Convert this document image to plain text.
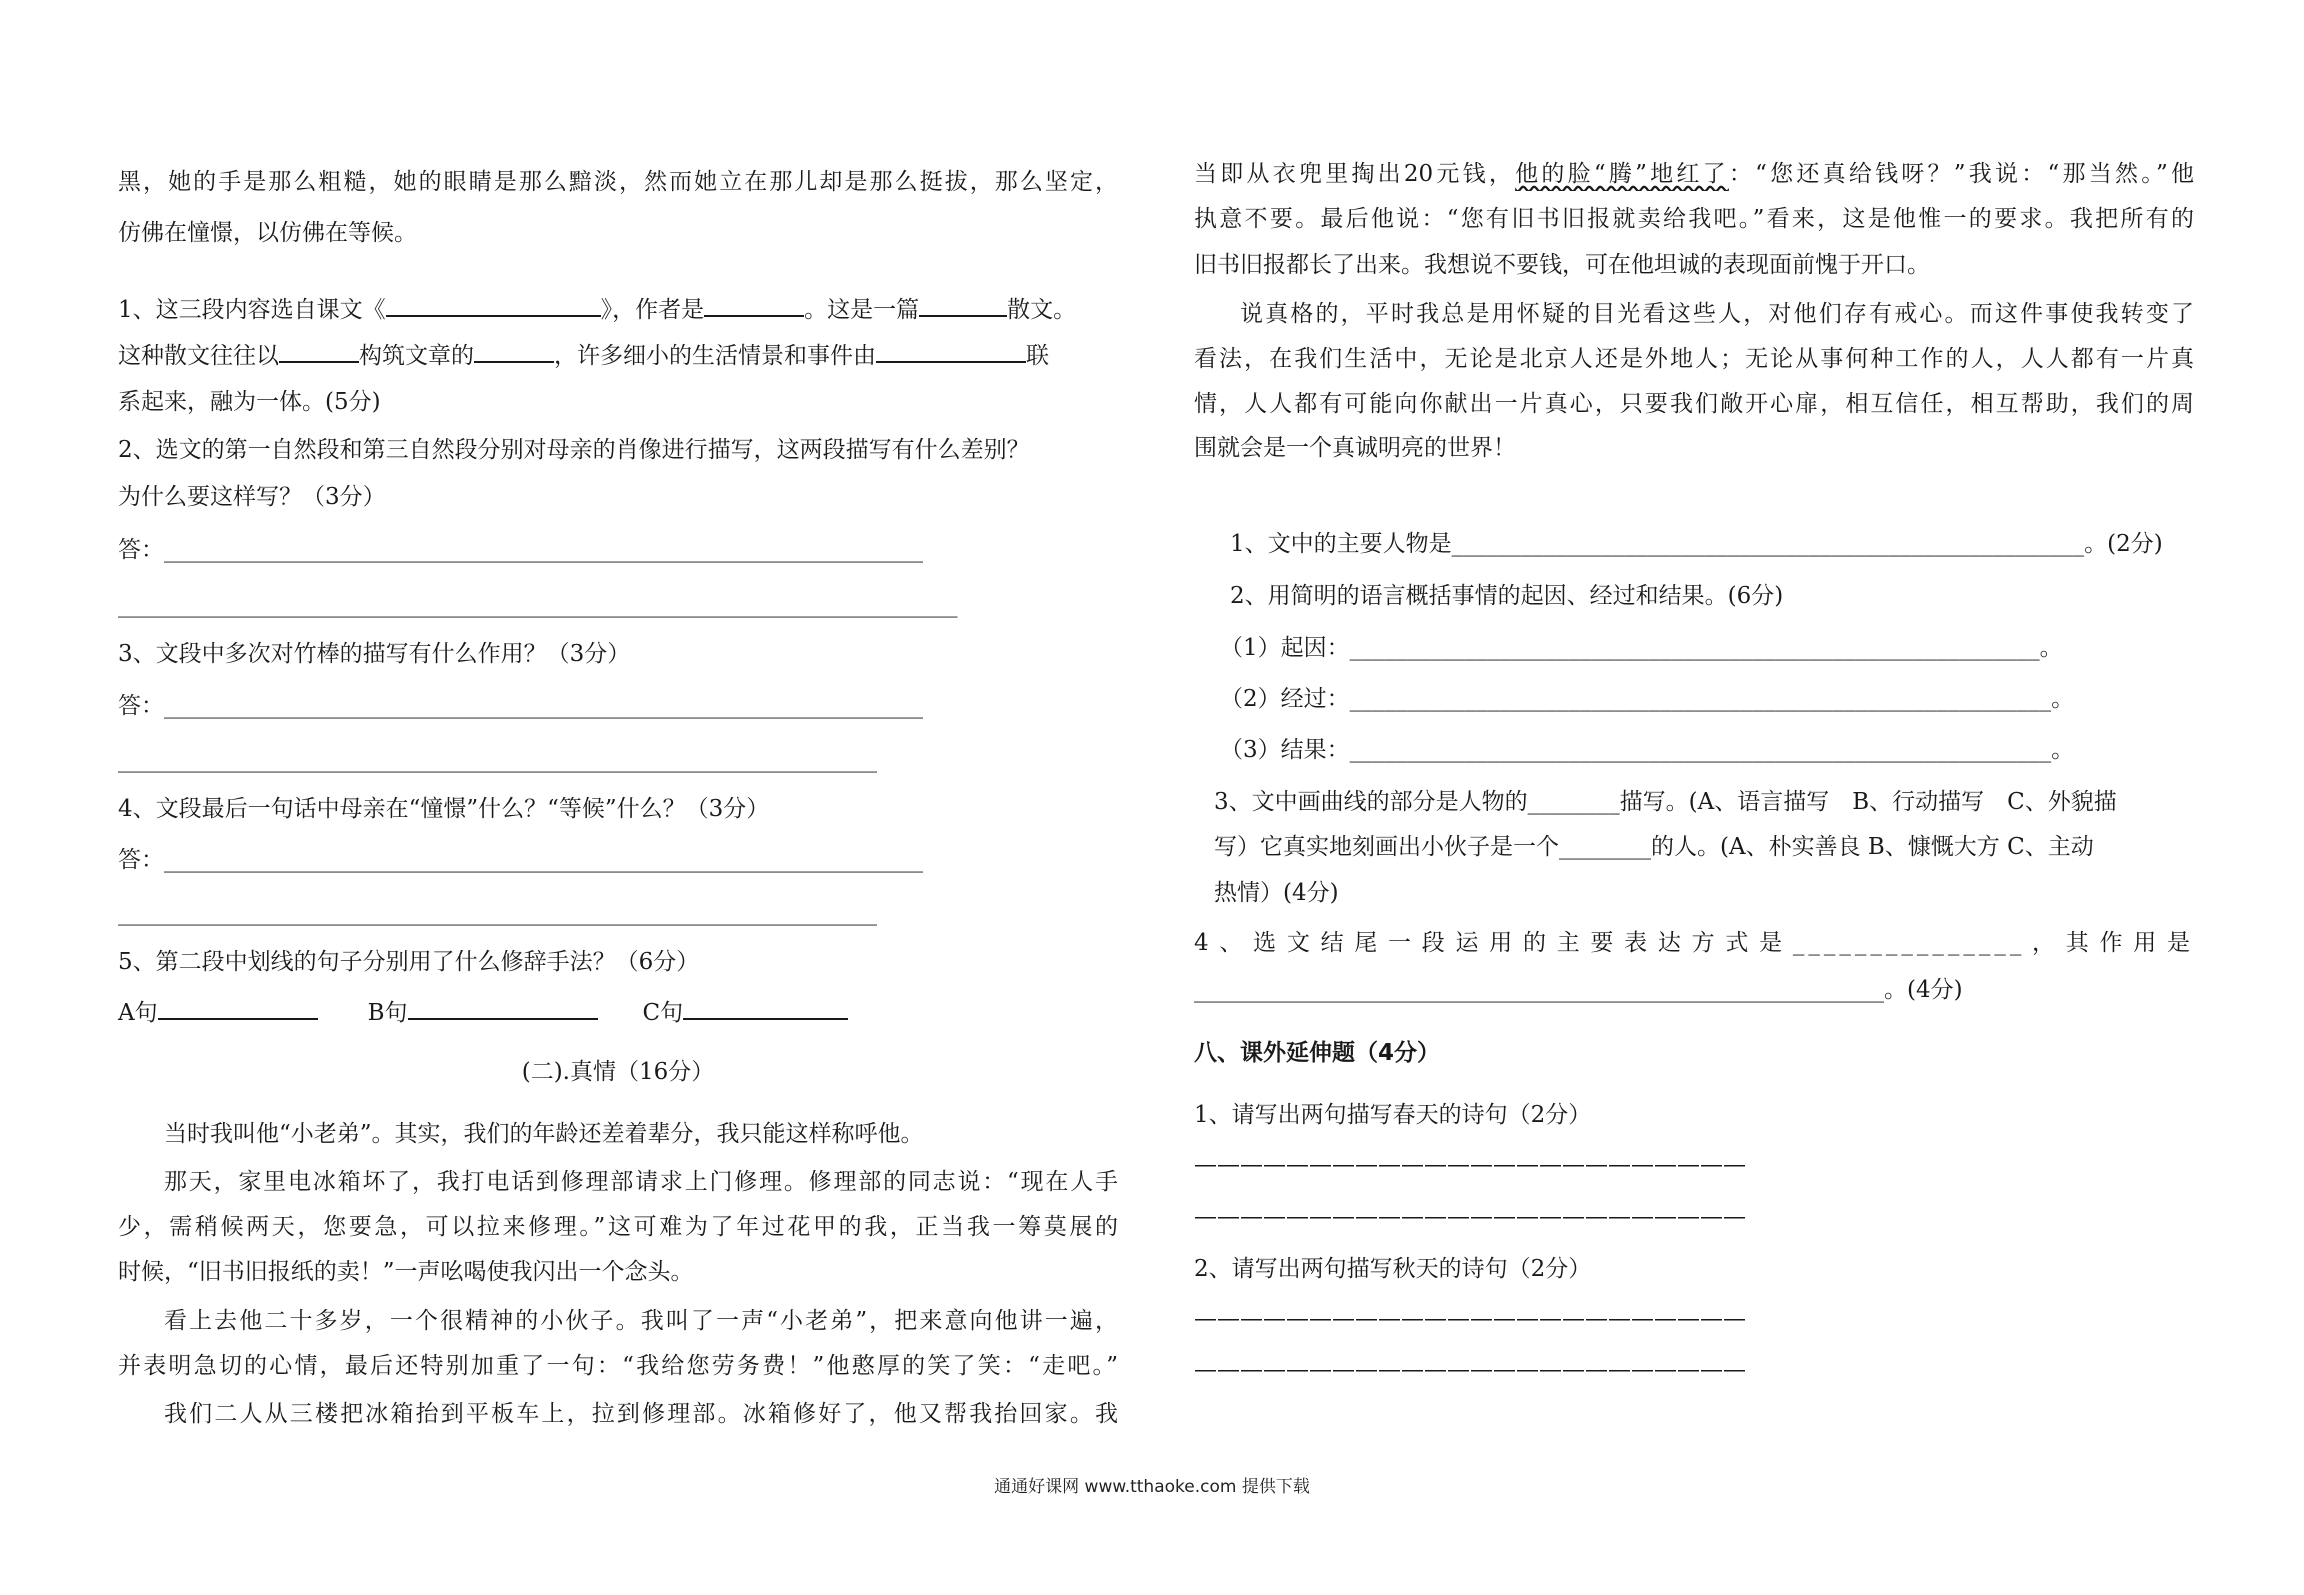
黑，她的手是那么粗糙，她的眼睛是那么黯淡，然而她立在那儿却是那么挺拔，那么坚定，
仿佛在憧憬，以仿佛在等候。
1、这三段内容选自课文《	》，作者是	。这是一篇	散文。
这种散文往往以	构筑文章的	，许多细小的生活情景和事件由	联
系起来，融为一体。(5分)
2、选文的第一自然段和第三自然段分别对母亲的肖像进行描写，这两段描写有什么差别？
为什么要这样写？（3分）
答：__________________________________________________________________
_________________________________________________________________________
3、文段中多次对竹棒的描写有什么作用？（3分）
答：__________________________________________________________________
__________________________________________________________________
4、文段最后一句话中母亲在“憧憬”什么？“等候”什么？（3分）
答：__________________________________________________________________
__________________________________________________________________
5、第二段中划线的句子分别用了什么修辞手法？（6分）
A句	B句	C句
(二).真情（16分）
当时我叫他“小老弟”。其实，我们的年龄还差着辈分，我只能这样称呼他。
那天，家里电冰箱坏了，我打电话到修理部请求上门修理。修理部的同志说：“现在人手
少，需稍候两天，您要急，可以拉来修理。”这可难为了年过花甲的我，正当我一筹莫展的
时候，“旧书旧报纸的卖！”一声吆喝使我闪出一个念头。
看上去他二十多岁，一个很精神的小伙子。我叫了一声“小老弟”，把来意向他讲一遍，
并表明急切的心情，最后还特别加重了一句：“我给您劳务费！”他憨厚的笑了笑：“走吧。”
我们二人从三楼把冰箱抬到平板车上，拉到修理部。冰箱修好了，他又帮我抬回家。我
当即从衣兜里掏出20元钱，他的脸“腾”地红了：“您还真给钱呀？”我说：“那当然。”他
执意不要。最后他说：“您有旧书旧报就卖给我吧。”看来，这是他惟一的要求。我把所有的
旧书旧报都长了出来。我想说不要钱，可在他坦诚的表现面前愧于开口。
说真格的，平时我总是用怀疑的目光看这些人，对他们存有戒心。而这件事使我转变了
看法，在我们生活中，无论是北京人还是外地人；无论从事何种工作的人，人人都有一片真
情，人人都有可能向你献出一片真心，只要我们敞开心扉，相互信任，相互帮助，我们的周
围就会是一个真诚明亮的世界！
1、文中的主要人物是_______________________________________________________。(2分)
2、用简明的语言概括事情的起因、经过和结果。(6分)
（1）起因：____________________________________________________________。
（2）经过：_____________________________________________________________。
（3）结果：_____________________________________________________________。
3、文中画曲线的部分是人物的________描写。(A、语言描写　B、行动描写　C、外貌描
写）它真实地刻画出小伙子是一个________的人。(A、朴实善良 B、慷慨大方 C、主动
热情）(4分)
4、选文结尾一段运用的主要表达方式是_______________，其作用是
____________________________________________________________。(4分)
八、课外延伸题（4分）
1、请写出两句描写春天的诗句（2分）
————————————————————————
————————————————————————
2、请写出两句描写秋天的诗句（2分）
————————————————————————
————————————————————————
通通好课网 www.tthaoke.com 提供下载
